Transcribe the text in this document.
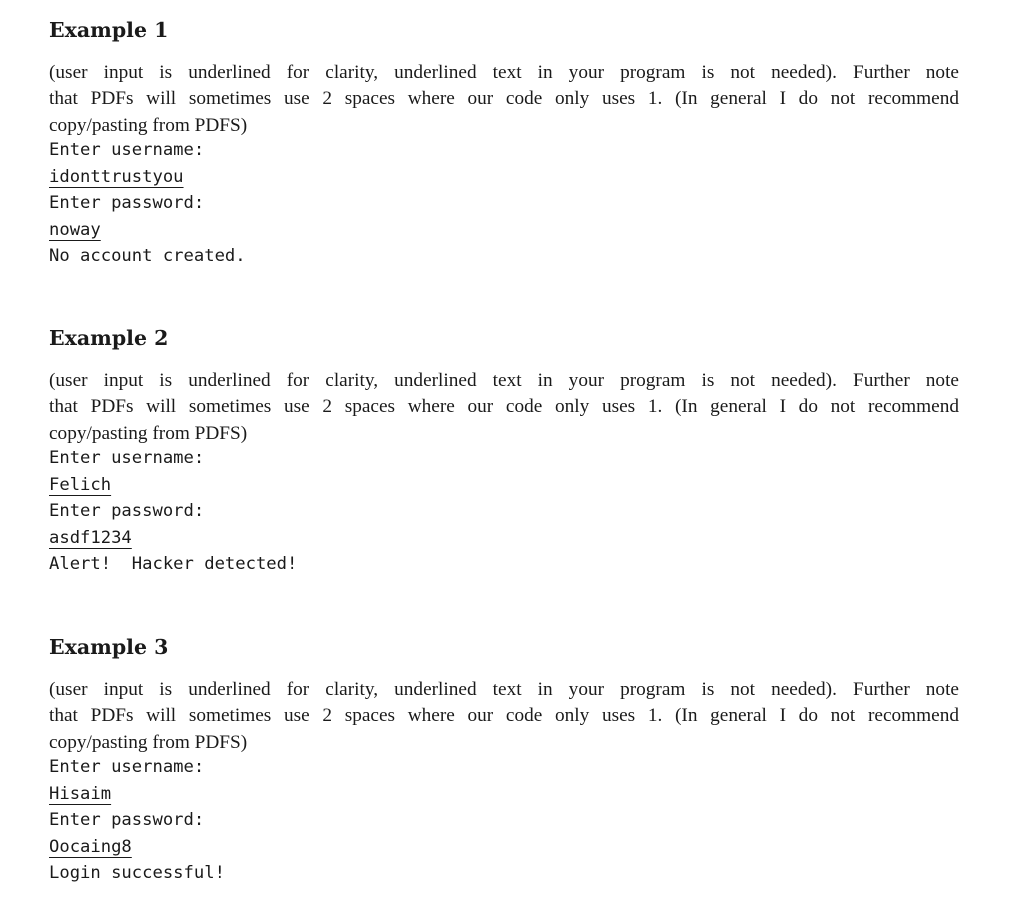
Example 1

(user input is underlined for clarity, underlined text in your program is not needed). Further note
that PDFs will sometimes use 2 spaces where our code only uses 1. (In general I do not recommend
copy/pasting from PDFS)

Enter username:
idonttrustyou
Enter password:
noway
No account created.
Example 2

(user input is underlined for clarity, underlined text in your program is not needed). Further note
that PDFs will sometimes use 2 spaces where our code only uses 1. (In general I do not recommend
copy/pasting from PDFS)

Enter username:
Felich
Enter password:
asdf1234
Alert!  Hacker detected!
Example 3

(user input is underlined for clarity, underlined text in your program is not needed). Further note
that PDFs will sometimes use 2 spaces where our code only uses 1. (In general I do not recommend
copy/pasting from PDFS)

Enter username:
Hisaim
Enter password:
Oocaing8
Login successful!
